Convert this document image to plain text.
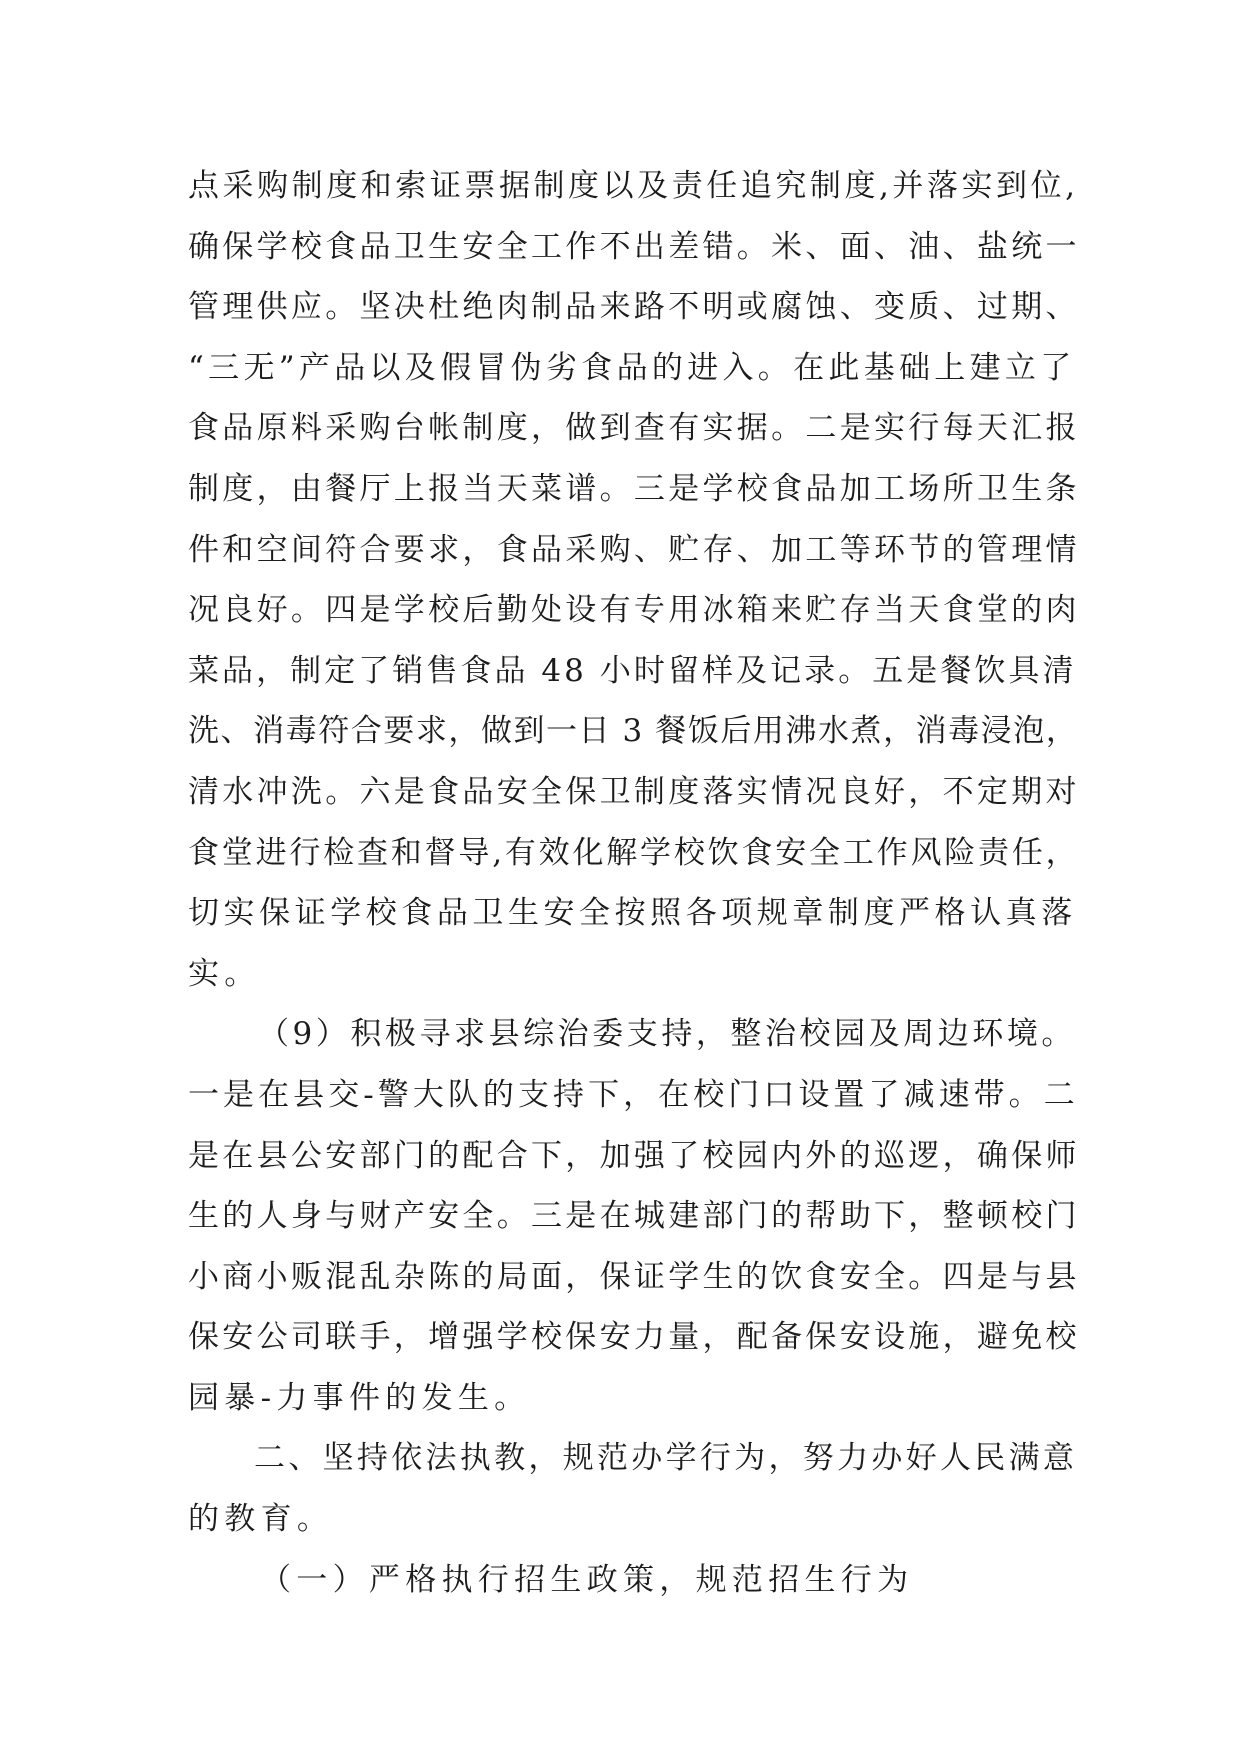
点采购制度和索证票据制度以及责任追究制度,并落实到位,
确保学校食品卫生安全工作不出差错。米、面、油、盐统一
管理供应。坚决杜绝肉制品来路不明或腐蚀、变质、过期、
“三无”产品以及假冒伪劣食品的进入。在此基础上建立了
食品原料采购台帐制度，做到查有实据。二是实行每天汇报
制度，由餐厅上报当天菜谱。三是学校食品加工场所卫生条
件和空间符合要求，食品采购、贮存、加工等环节的管理情
况良好。四是学校后勤处设有专用冰箱来贮存当天食堂的肉
菜品，制定了销售食品 48 小时留样及记录。五是餐饮具清
洗、消毒符合要求，做到一日 3 餐饭后用沸水煮，消毒浸泡，
清水冲洗。六是食品安全保卫制度落实情况良好，不定期对
食堂进行检查和督导,有效化解学校饮食安全工作风险责任，
切实保证学校食品卫生安全按照各项规章制度严格认真落
实。
（9）积极寻求县综治委支持，整治校园及周边环境。
一是在县交-警大队的支持下，在校门口设置了减速带。二
是在县公安部门的配合下，加强了校园内外的巡逻，确保师
生的人身与财产安全。三是在城建部门的帮助下，整顿校门
小商小贩混乱杂陈的局面，保证学生的饮食安全。四是与县
保安公司联手，增强学校保安力量，配备保安设施，避免校
园暴-力事件的发生。
二、坚持依法执教，规范办学行为，努力办好人民满意
的教育。
（一）严格执行招生政策，规范招生行为
